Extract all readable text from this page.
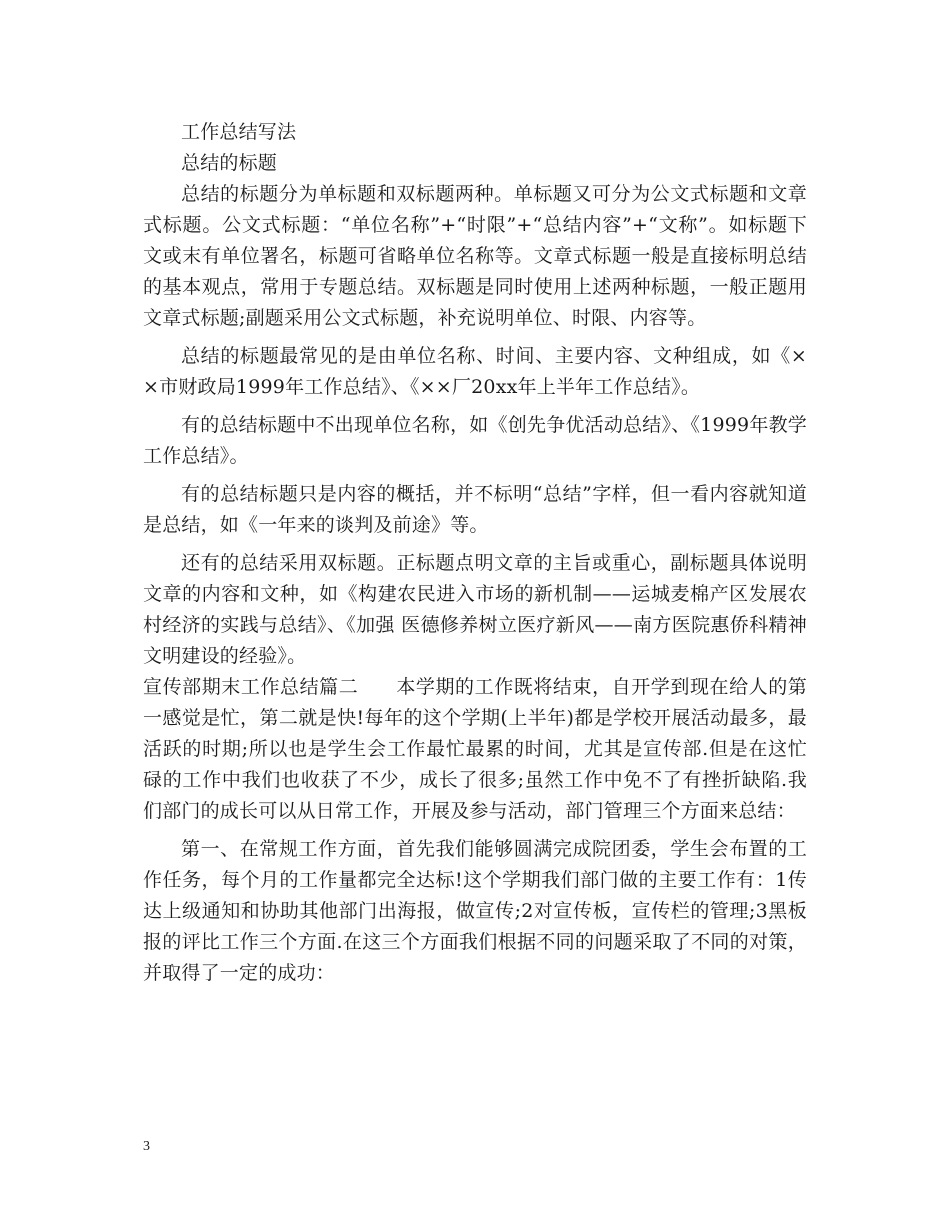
工作总结写法

总结的标题

总结的标题分为单标题和双标题两种。单标题又可分为公文式标题和文章式标题。公文式标题：“单位名称”+“时限”+“总结内容”+“文称”。如标题下文或末有单位署名，标题可省略单位名称等。文章式标题一般是直接标明总结的基本观点，常用于专题总结。双标题是同时使用上述两种标题，一般正题用文章式标题;副题采用公文式标题，补充说明单位、时限、内容等。

总结的标题最常见的是由单位名称、时间、主要内容、文种组成，如《××市财政局1999年工作总结》、《××厂20xx年上半年工作总结》。

有的总结标题中不出现单位名称，如《创先争优活动总结》、《1999年教学工作总结》。

有的总结标题只是内容的概括，并不标明“总结”字样，但一看内容就知道是总结，如《一年来的谈判及前途》等。

还有的总结采用双标题。正标题点明文章的主旨或重心，副标题具体说明文章的内容和文种，如《构建农民进入市场的新机制——运城麦棉产区发展农村经济的实践与总结》、《加强 医德修养树立医疗新风——南方医院惠侨科精神文明建设的经验》。

宣传部期末工作总结篇二 本学期的工作既将结束，自开学到现在给人的第一感觉是忙，第二就是快!每年的这个学期(上半年)都是学校开展活动最多，最活跃的时期;所以也是学生会工作最忙最累的时间，尤其是宣传部.但是在这忙碌的工作中我们也收获了不少，成长了很多;虽然工作中免不了有挫折缺陷.我们部门的成长可以从日常工作，开展及参与活动，部门管理三个方面来总结：

第一、在常规工作方面，首先我们能够圆满完成院团委，学生会布置的工作任务，每个月的工作量都完全达标!这个学期我们部门做的主要工作有：1传达上级通知和协助其他部门出海报，做宣传;2对宣传板，宣传栏的管理;3黑板报的评比工作三个方面.在这三个方面我们根据不同的问题采取了不同的对策，并取得了一定的成功：

3
